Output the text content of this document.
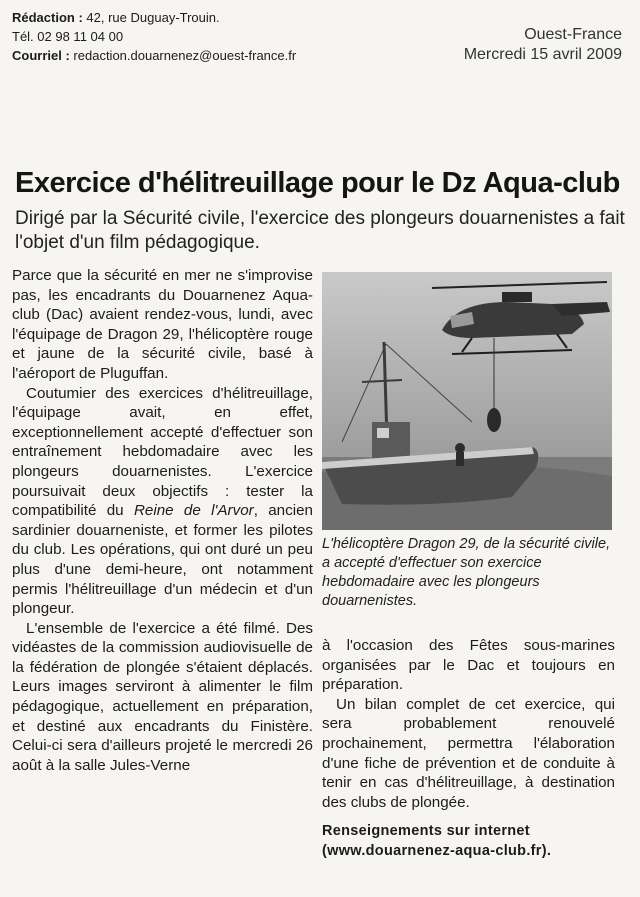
Rédaction : 42, rue Duguay-Trouin.
Tél. 02 98 11 04 00
Courriel : redaction.douarnenez@ouest-france.fr
Ouest-France
Mercredi 15 avril 2009
Exercice d'hélitreuillage pour le Dz Aqua-club
Dirigé par la Sécurité civile, l'exercice des plongeurs douarnenistes a fait l'objet d'un film pédagogique.

Parce que la sécurité en mer ne s'improvise pas, les encadrants du Douarnenez Aqua-club (Dac) avaient rendez-vous, lundi, avec l'équipage de Dragon 29, l'hélicoptère rouge et jaune de la sécurité civile, basé à l'aéroport de Pluguffan.

Coutumier des exercices d'hélitreuillage, l'équipage avait, en effet, exceptionnellement accepté d'effectuer son entraînement hebdomadaire avec les plongeurs douarnenistes. L'exercice poursuivait deux objectifs : tester la compatibilité du Reine de l'Arvor, ancien sardinier douarneniste, et former les pilotes du club. Les opérations, qui ont duré un peu plus d'une demi-heure, ont notamment permis l'hélitreuillage d'un médecin et d'un plongeur.

L'ensemble de l'exercice a été filmé. Des vidéastes de la commission audiovisuelle de la fédération de plongée s'étaient déplacés. Leurs images serviront à alimenter le film pédagogique, actuellement en préparation, et destiné aux encadrants du Finistère. Celui-ci sera d'ailleurs projeté le mercredi 26 août à la salle Jules-Verne

L'hélicoptère Dragon 29, de la sécurité civile, a accepté d'effectuer son exercice hebdomadaire avec les plongeurs douarnenistes.

à l'occasion des Fêtes sous-marines organisées par le Dac et toujours en préparation.

Un bilan complet de cet exercice, qui sera probablement renouvelé prochainement, permettra l'élaboration d'une fiche de prévention et de conduite à tenir en cas d'hélitreuillage, à destination des clubs de plongée.

Renseignements sur internet
(www.douarnenez-aqua-club.fr).
